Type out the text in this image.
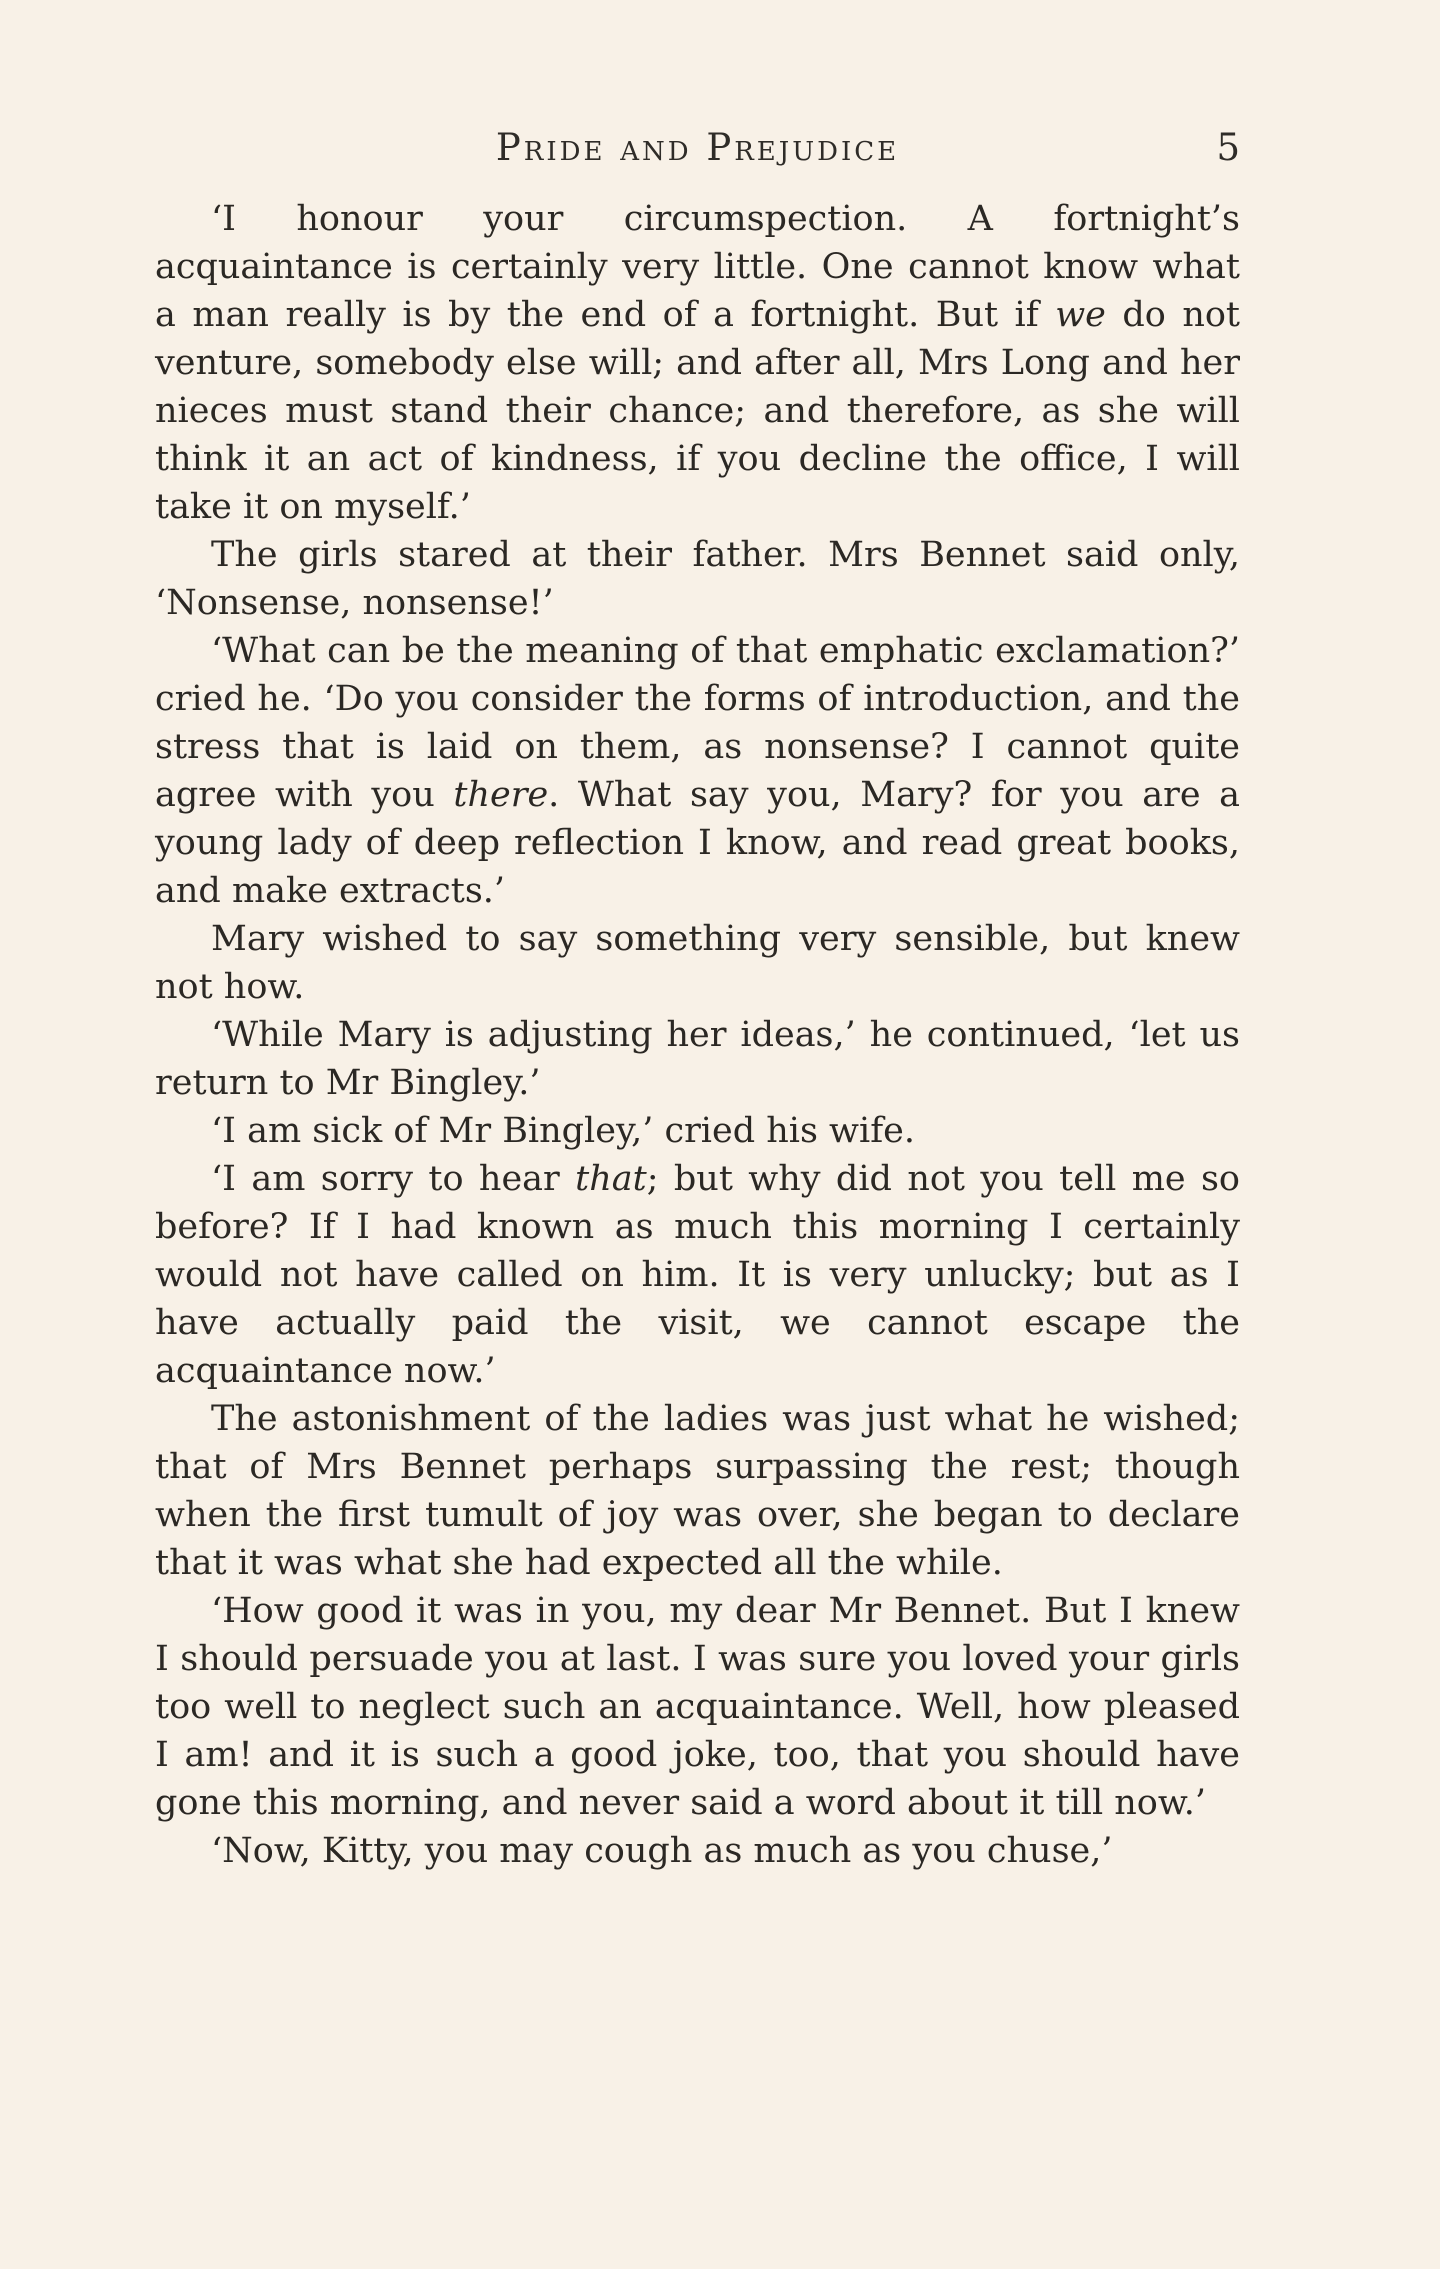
Pride and Prejudice	5

‘I honour your circumspection. A fortnight’s acquaintance is certainly very little. One cannot know what a man really is by the end of a fortnight. But if we do not venture, somebody else will; and after all, Mrs Long and her nieces must stand their chance; and therefore, as she will think it an act of kindness, if you decline the office, I will take it on myself.’

The girls stared at their father. Mrs Bennet said only, ‘Nonsense, nonsense!’

‘What can be the meaning of that emphatic exclamation?’ cried he. ‘Do you consider the forms of introduction, and the stress that is laid on them, as nonsense? I cannot quite agree with you there. What say you, Mary? for you are a young lady of deep reflection I know, and read great books, and make extracts.’

Mary wished to say something very sensible, but knew not how.

‘While Mary is adjusting her ideas,’ he continued, ‘let us return to Mr Bingley.’

‘I am sick of Mr Bingley,’ cried his wife.

‘I am sorry to hear that; but why did not you tell me so before? If I had known as much this morning I certainly would not have called on him. It is very unlucky; but as I have actually paid the visit, we cannot escape the acquaintance now.’

The astonishment of the ladies was just what he wished; that of Mrs Bennet perhaps surpassing the rest; though when the first tumult of joy was over, she began to declare that it was what she had expected all the while.

‘How good it was in you, my dear Mr Bennet. But I knew I should persuade you at last. I was sure you loved your girls too well to neglect such an acquaintance. Well, how pleased I am! and it is such a good joke, too, that you should have gone this morning, and never said a word about it till now.’

‘Now, Kitty, you may cough as much as you chuse,’
